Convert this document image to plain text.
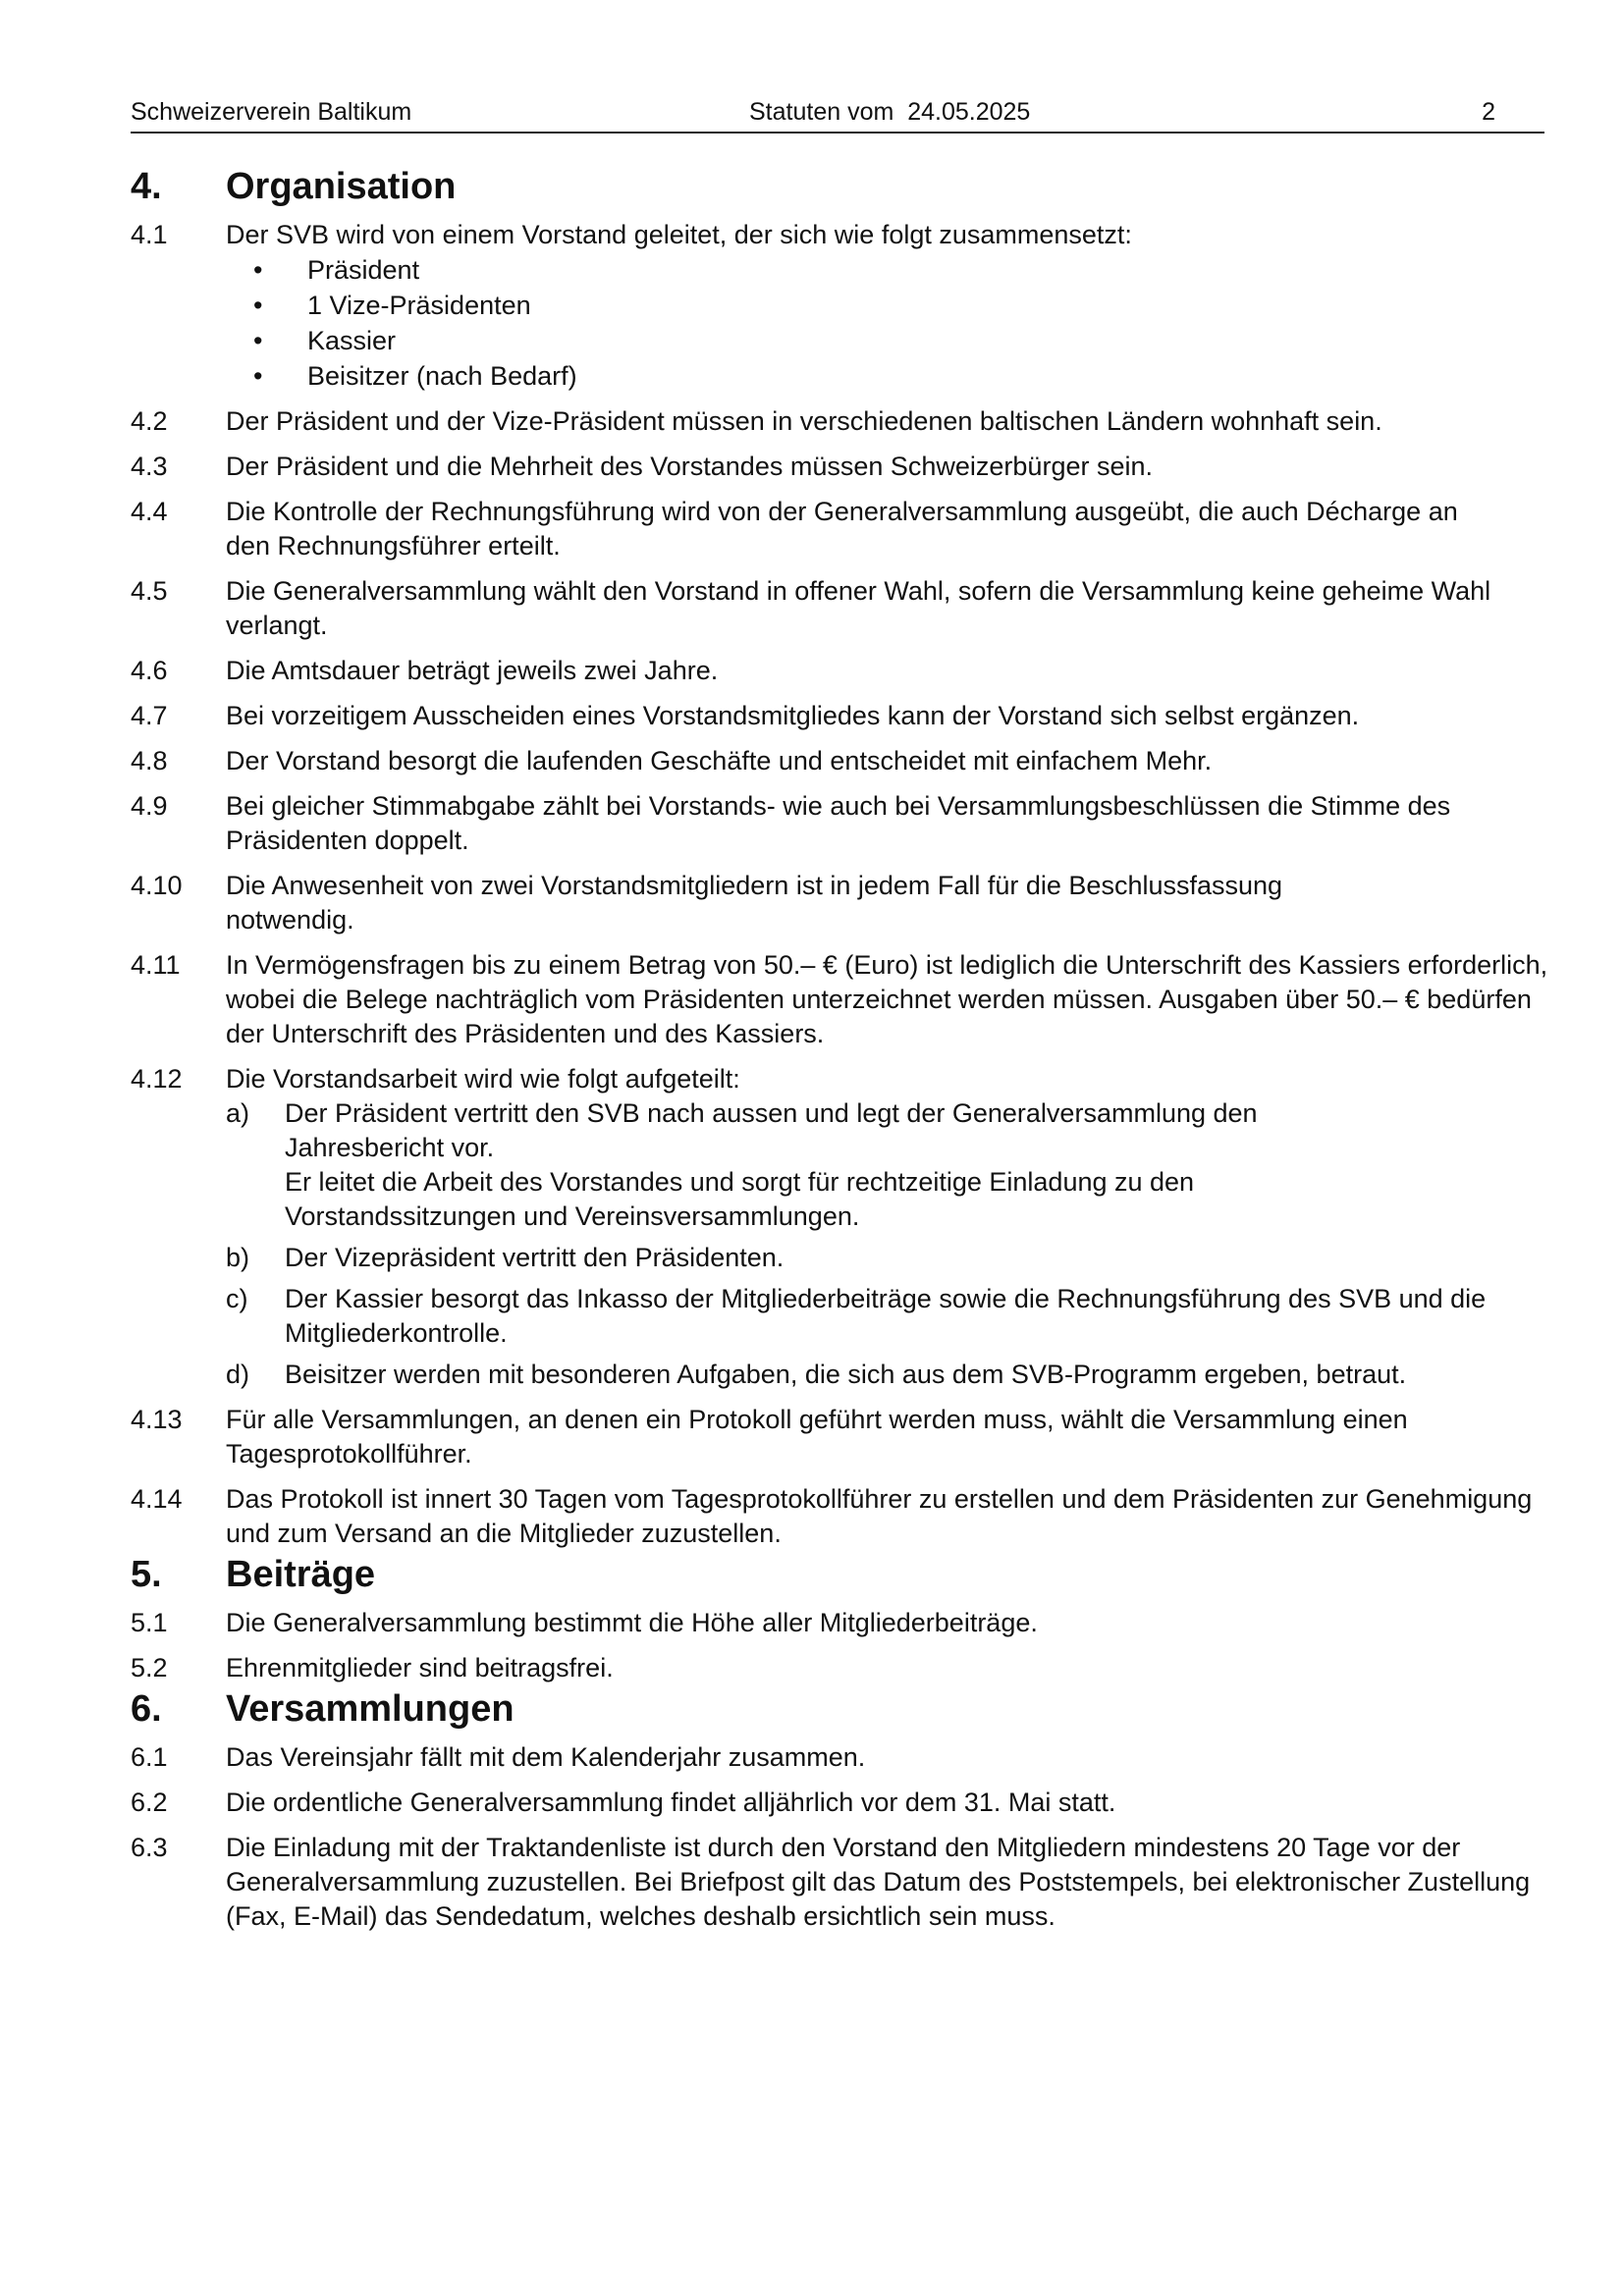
Schweizerverein Baltikum	Statuten vom  24.05.2025	2
4. Organisation
4.1 Der SVB wird von einem Vorstand geleitet, der sich wie folgt zusammensetzt:
• Präsident
• 1 Vize-Präsidenten
• Kassier
• Beisitzer (nach Bedarf)
4.2 Der Präsident und der Vize-Präsident müssen in verschiedenen baltischen Ländern wohnhaft sein.
4.3 Der Präsident und die Mehrheit des Vorstandes müssen Schweizerbürger sein.
4.4 Die Kontrolle der Rechnungsführung wird von der Generalversammlung ausgeübt, die auch Décharge an den Rechnungsführer erteilt.
4.5 Die Generalversammlung wählt den Vorstand in offener Wahl, sofern die Versammlung keine geheime Wahl verlangt.
4.6 Die Amtsdauer beträgt jeweils zwei Jahre.
4.7 Bei vorzeitigem Ausscheiden eines Vorstandsmitgliedes kann der Vorstand sich selbst ergänzen.
4.8 Der Vorstand besorgt die laufenden Geschäfte und entscheidet mit einfachem Mehr.
4.9 Bei gleicher Stimmabgabe zählt bei Vorstands- wie auch bei Versammlungsbeschlüssen die Stimme des Präsidenten doppelt.
4.10 Die Anwesenheit von zwei Vorstandsmitgliedern ist in jedem Fall für die Beschlussfassung notwendig.
4.11 In Vermögensfragen bis zu einem Betrag von 50.– € (Euro) ist lediglich die Unterschrift des Kassiers erforderlich, wobei die Belege nachträglich vom Präsidenten unterzeichnet werden müssen. Ausgaben über 50.– € bedürfen der Unterschrift des Präsidenten und des Kassiers.
4.12 Die Vorstandsarbeit wird wie folgt aufgeteilt:
a) Der Präsident vertritt den SVB nach aussen und legt der Generalversammlung den Jahresbericht vor.
Er leitet die Arbeit des Vorstandes und sorgt für rechtzeitige Einladung zu den Vorstandssitzungen und Vereinsversammlungen.
b) Der Vizepräsident vertritt den Präsidenten.
c) Der Kassier besorgt das Inkasso der Mitgliederbeiträge sowie die Rechnungsführung des SVB und die Mitgliederkontrolle.
d) Beisitzer werden mit besonderen Aufgaben, die sich aus dem SVB-Programm ergeben, betraut.
4.13 Für alle Versammlungen, an denen ein Protokoll geführt werden muss, wählt die Versammlung einen Tagesprotokollführer.
4.14 Das Protokoll ist innert 30 Tagen vom Tagesprotokollführer zu erstellen und dem Präsidenten zur Genehmigung und zum Versand an die Mitglieder zuzustellen.
5. Beiträge
5.1 Die Generalversammlung bestimmt die Höhe aller Mitgliederbeiträge.
5.2 Ehrenmitglieder sind beitragsfrei.
6. Versammlungen
6.1 Das Vereinsjahr fällt mit dem Kalenderjahr zusammen.
6.2 Die ordentliche Generalversammlung findet alljährlich vor dem 31. Mai statt.
6.3 Die Einladung mit der Traktandenliste ist durch den Vorstand den Mitgliedern mindestens 20 Tage vor der Generalversammlung zuzustellen. Bei Briefpost gilt das Datum des Poststempels, bei elektronischer Zustellung (Fax, E-Mail) das Sendedatum, welches deshalb ersichtlich sein muss.
